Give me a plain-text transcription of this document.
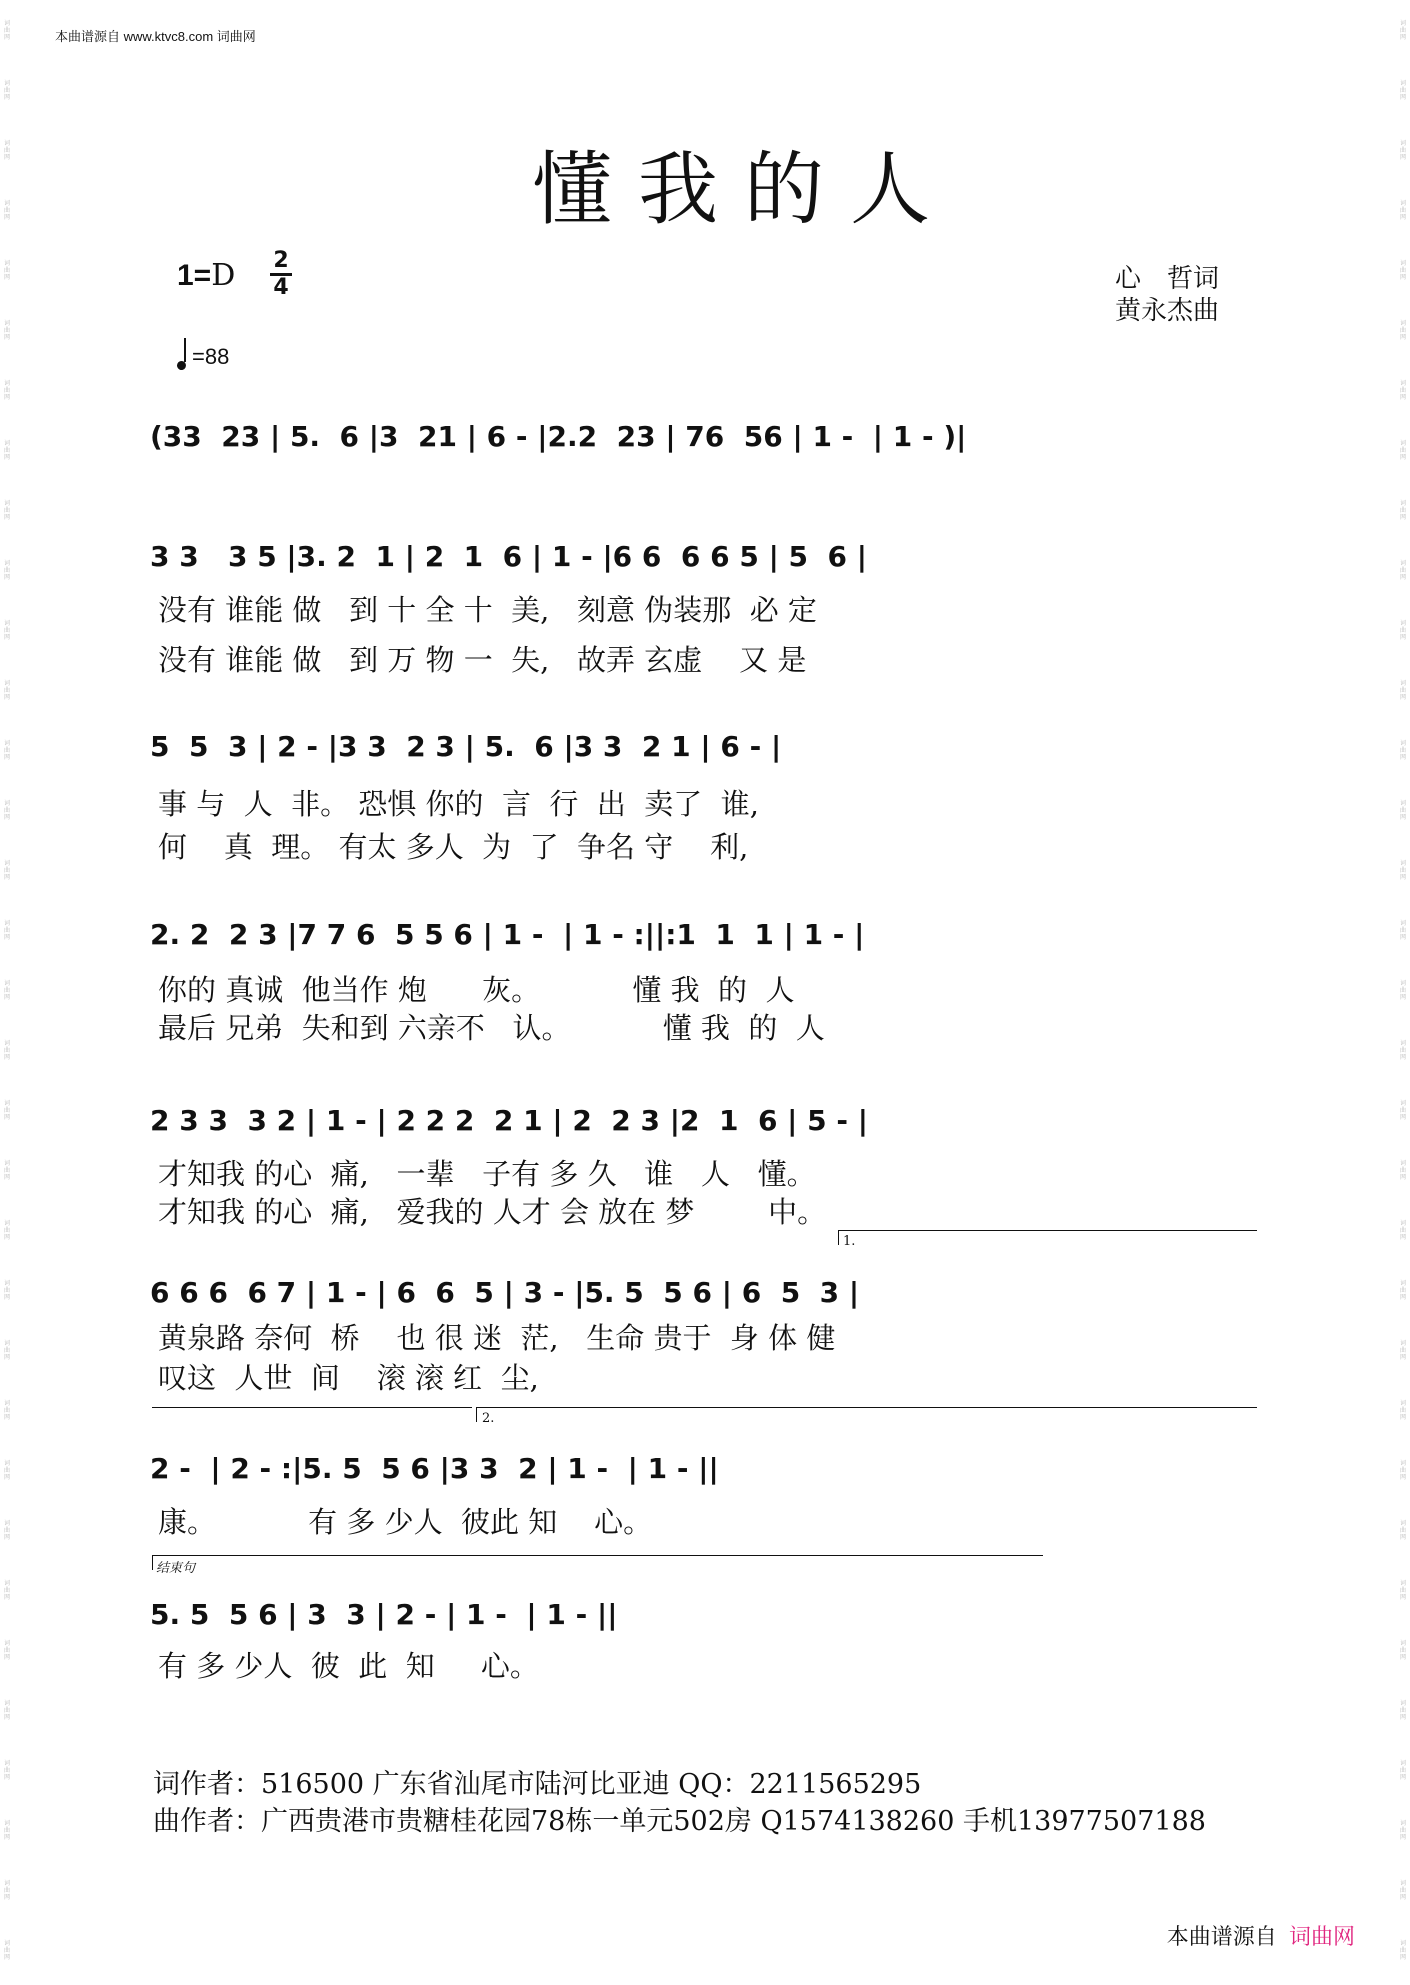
词
曲
网
词
曲
网
词
曲
网
词
曲
网
词
曲
网
词
曲
网
词
曲
网
词
曲
网
词
曲
网
词
曲
网
词
曲
网
词
曲
网
词
曲
网
词
曲
网
词
曲
网
词
曲
网
词
曲
网
词
曲
网
词
曲
网
词
曲
网
词
曲
网
词
曲
网
词
曲
网
词
曲
网
词
曲
网
词
曲
网
词
曲
网
词
曲
网
词
曲
网
词
曲
网
词
曲
网
词
曲
网
词
曲
网
词
曲
网
词
曲
网
词
曲
网
词
曲
网
词
曲
网
词
曲
网
词
曲
网
词
曲
网
词
曲
网
词
曲
网
词
曲
网
词
曲
网
词
曲
网
词
曲
网
词
曲
网
词
曲
网
词
曲
网
词
曲
网
词
曲
网
词
曲
网
词
曲
网
词
曲
网
词
曲
网
词
曲
网
词
曲
网
词
曲
网
词
曲
网
词
曲
网
词
曲
网
词
曲
网
词
曲
网
词
曲
网
词
曲
网
本曲谱源自 www.ktvc8.com 词曲网
懂我的人
1=D 2
4
=88
心　哲词
黄永杰曲
(33  23 | 5.  6 |3  21 | 6 - |2.2  23 | 76  56 | 1 -  | 1 - )|
3 3   3 5 |3. 2  1 | 2  1  6 | 1 - |6 6  6 6 5 | 5  6 |
没有 谁能 做   到 十 全 十  美,   刻意 伪装那  必 定
没有 谁能 做   到 万 物 一  失,   故弄 玄虚    又 是
5  5  3 | 2 - |3 3  2 3 | 5.  6 |3 3  2 1 | 6 - |
事 与  人  非。 恐惧 你的  言  行  出  卖了  谁,
何    真  理。 有太 多人  为  了  争名 守    利,
2. 2  2 3 |7 7 6  5 5 6 | 1 -  | 1 - :||:1  1  1 | 1 - |
你的 真诚  他当作 炮      灰。          懂 我  的  人
最后 兄弟  失和到 六亲不   认。          懂 我  的  人
2 3 3  3 2 | 1 - | 2 2 2  2 1 | 2  2 3 |2  1  6 | 5 - |
才知我 的心  痛,   一辈   子有 多 久   谁   人   懂。
才知我 的心  痛,   爱我的 人才 会 放在 梦        中。
1.
6 6 6  6 7 | 1 - | 6  6  5 | 3 - |5. 5  5 6 | 6  5  3 |
黄泉路 奈何  桥    也 很 迷  茫,   生命 贵于  身 体 健
叹这  人世  间    滚 滚 红  尘,
2.
2 -  | 2 - :|5. 5  5 6 |3 3  2 | 1 -  | 1 - ||
康。          有 多 少人  彼此 知    心。
结束句
5. 5  5 6 | 3  3 | 2 - | 1 -  | 1 - ||
有 多 少人  彼  此  知     心。
词作者：516500 广东省汕尾市陆河比亚迪 QQ：2211565295
曲作者：广西贵港市贵糖桂花园78栋一单元502房 Q1574138260 手机13977507188
本曲谱源自 词曲网
